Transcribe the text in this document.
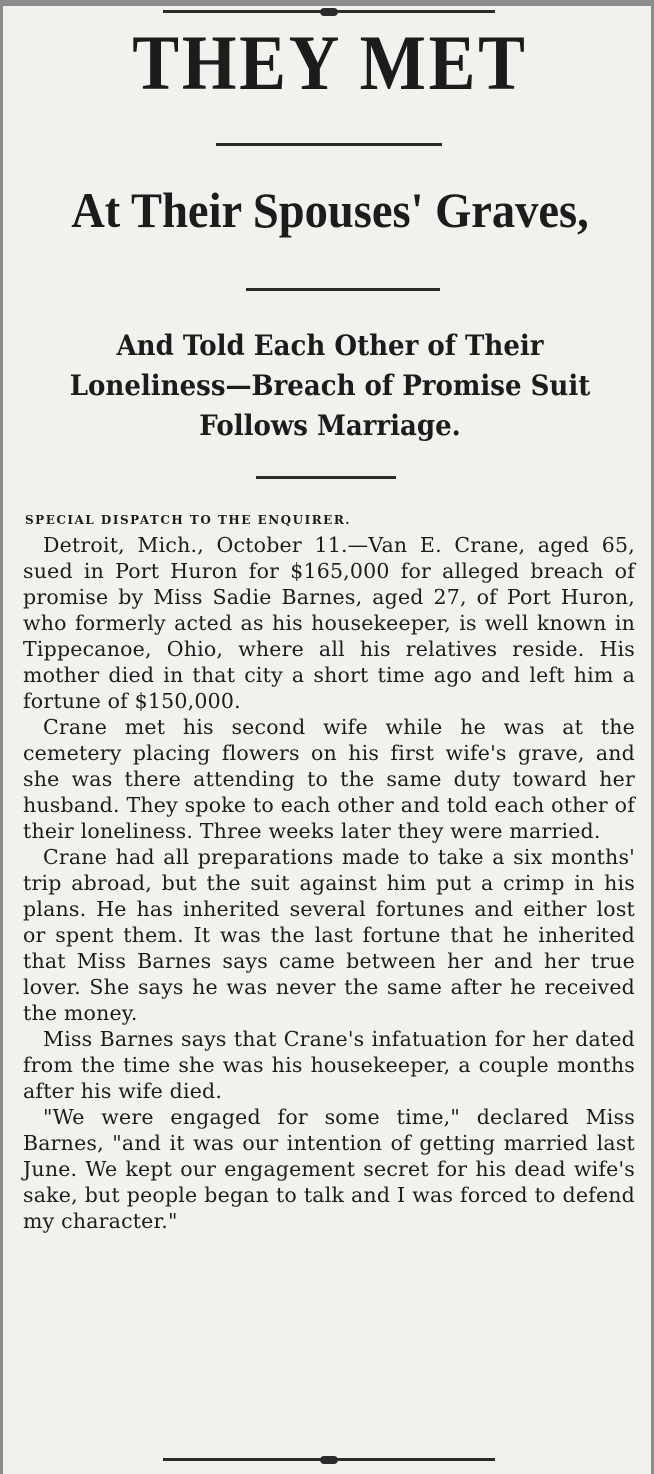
THEY MET
At Their Spouses' Graves,
And Told Each Other of Their Loneliness—Breach of Promise Suit Follows Marriage.
SPECIAL DISPATCH TO THE ENQUIRER.

Detroit, Mich., October 11.—Van E. Crane, aged 65, sued in Port Huron for $165,000 for alleged breach of promise by Miss Sadie Barnes, aged 27, of Port Huron, who formerly acted as his housekeeper, is well known in Tippecanoe, Ohio, where all his relatives reside. His mother died in that city a short time ago and left him a fortune of $150,000.

Crane met his second wife while he was at the cemetery placing flowers on his first wife's grave, and she was there attending to the same duty toward her husband. They spoke to each other and told each other of their loneliness. Three weeks later they were married.

Crane had all preparations made to take a six months' trip abroad, but the suit against him put a crimp in his plans. He has inherited several fortunes and either lost or spent them. It was the last fortune that he inherited that Miss Barnes says came between her and her true lover. She says he was never the same after he received the money.

Miss Barnes says that Crane's infatuation for her dated from the time she was his housekeeper, a couple months after his wife died.

"We were engaged for some time," declared Miss Barnes, "and it was our intention of getting married last June. We kept our engagement secret for his dead wife's sake, but people began to talk and I was forced to defend my character."
